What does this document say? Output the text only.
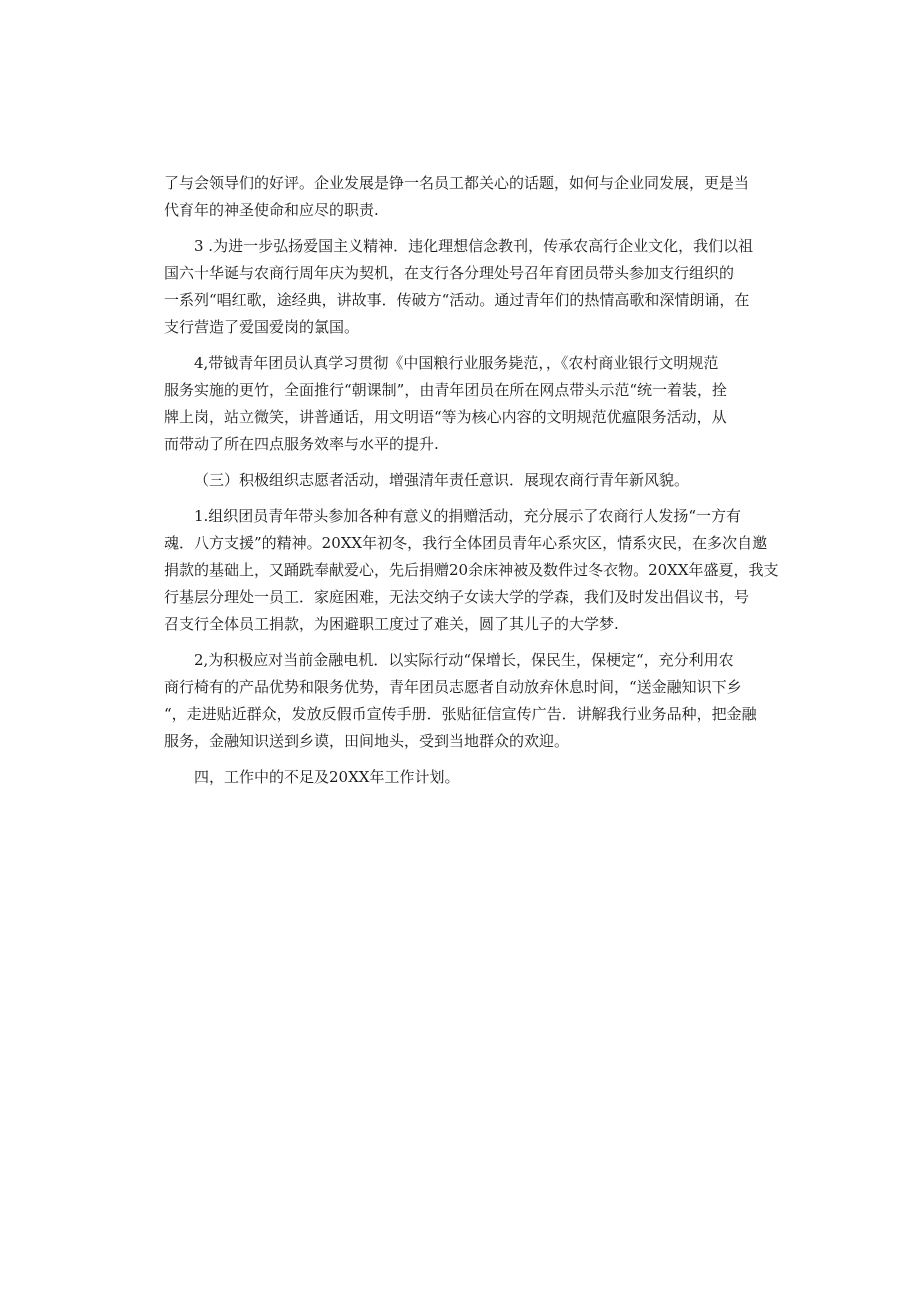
了与会领导们的好评。企业发展是铮一名员工都关心的话题，如何与企业同发展，更是当
代育年的神圣使命和应尽的职责.

3 .为进一步弘扬爱国主义精神．违化理想信念教刊，传承农高行企业文化，我们以祖
国六十华诞与农商行周年庆为契机，在支行各分理处号召年育团员带头参加支行组织的
一系列“唱红歌，途经典，讲故事．传破方“活动。通过青年们的热情高歌和深情朗诵，在
支行营造了爱国爱岗的氯国。

4,带钺青年团员认真学习贯彻《中国粮行业服务毙范，，《农村商业银行文明规范
服务实施的更竹，全面推行“朝课制”，由青年团员在所在网点带头示范“统一着装，拴
牌上岗，站立微笑，讲普通话，用文明语“等为核心内容的文明规范优瘟限务活动，从
而带动了所在四点服务效率与水平的提升.

（三）积极组织志愿者活动，增强清年责任意识．展现农商行青年新风貌。

1.组织团员青年带头参加各种有意义的捐赠活动，充分展示了农商行人发扬“一方有
魂．八方支援”的精神。20XX年初冬，我行全体团员青年心系灾区，情系灾民，在多次自邀
捐款的基础上，又踊跣奉献爱心，先后捐赠20余床神被及数件过冬衣物。20XX年盛夏，我支
行基层分理处一员工．家庭困难，无法交纳子女读大学的学森，我们及时发出倡议书，号
召支行全体员工捐款，为困避职工度过了难关，圆了其儿子的大学梦.

2,为积极应对当前金融电机．以实际行动“保增长，保民生，保梗定“，充分利用农
商行椅有的产品优势和限务优势，青年团员志愿者自动放弃休息时间，“送金融知识下乡
“，走进贴近群众，发放反假币宣传手册．张贴征信宣传广告．讲解我行业务品种，把金融
服务，金融知识送到乡谟，田间地头，受到当地群众的欢迎。

四，工作中的不足及20XX年工作计划。
